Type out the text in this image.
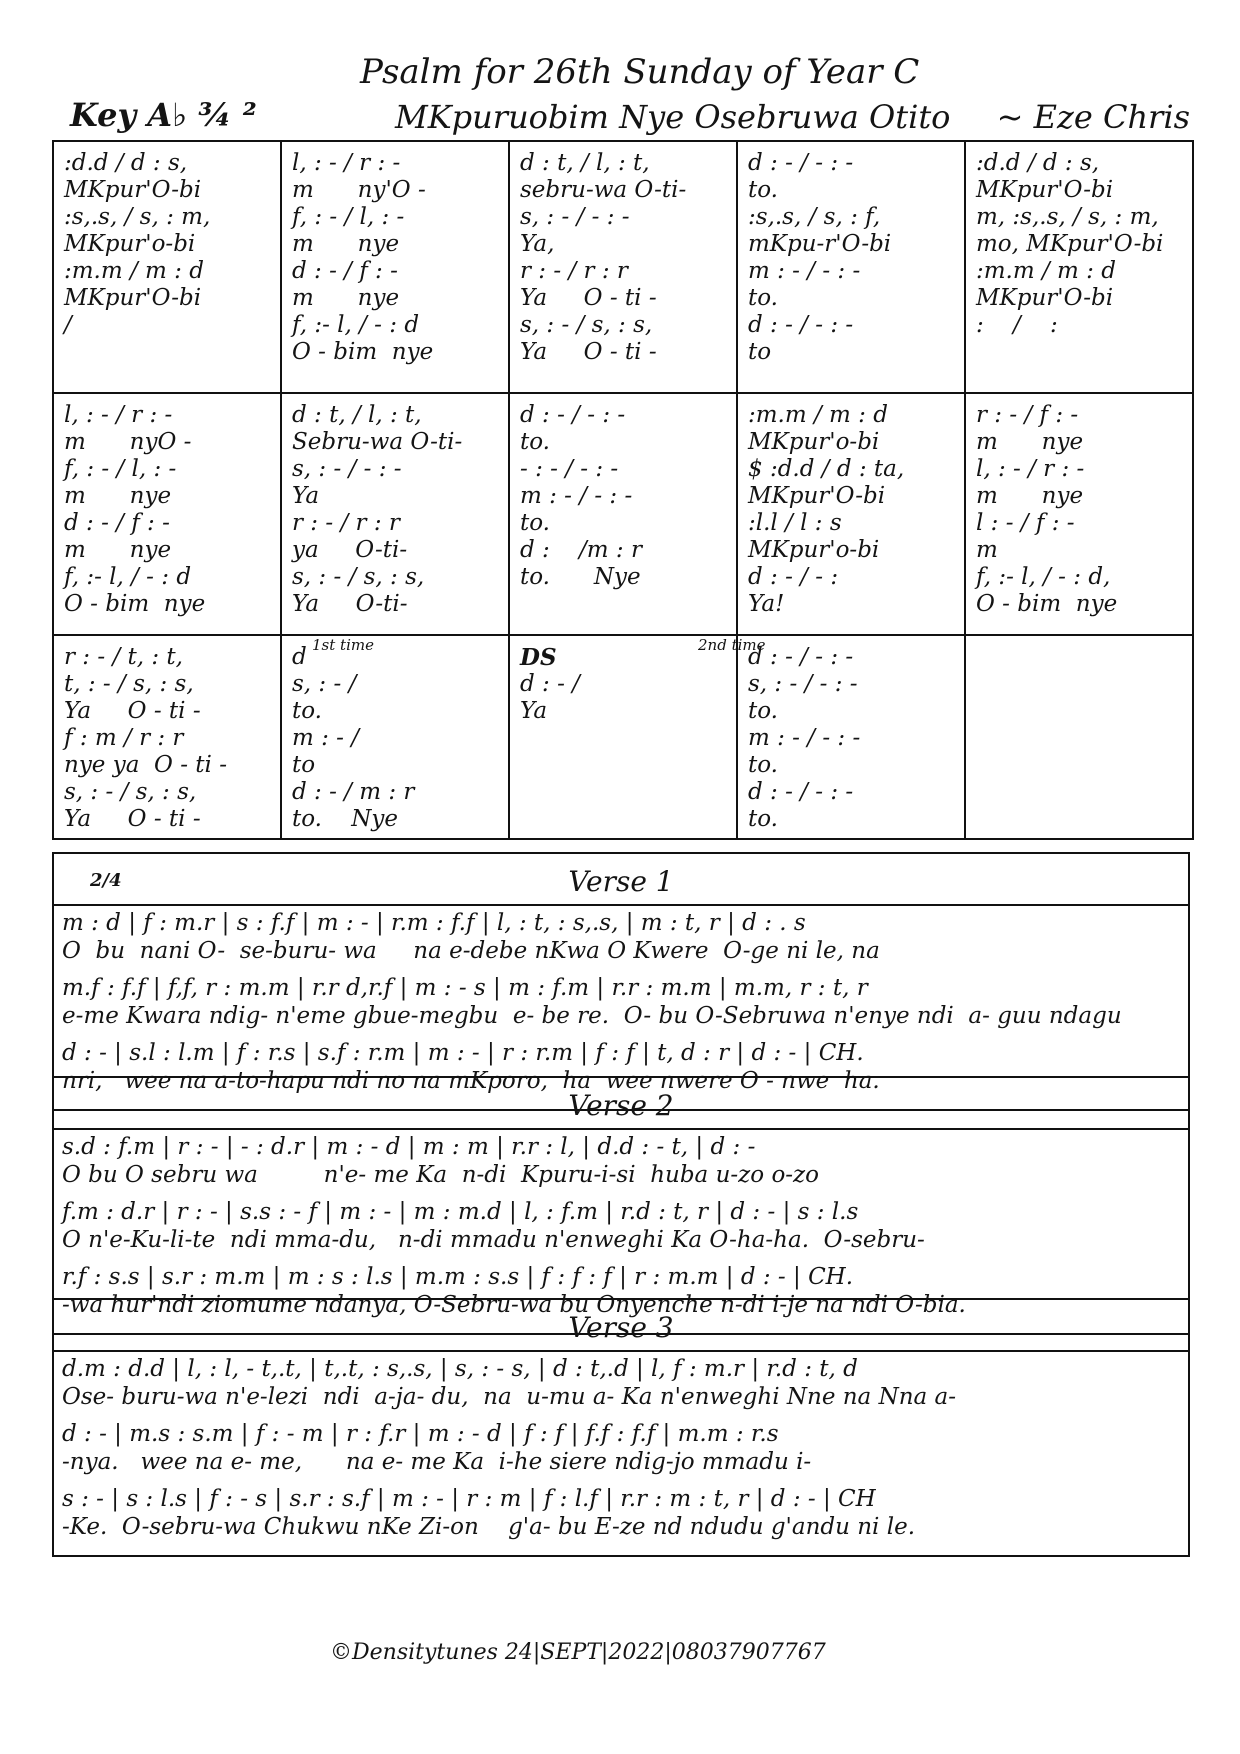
Psalm for 26th Sunday of Year C
Key A♭ ¾ ²	MKpuruobim Nye Osebruwa Otito ~ Eze Chris
:d.d / d : s,
MKpur'O-bi
:s,.s, / s, : m,
MKpur'o-bi
:m.m / m : d
MKpur'O-bi
/
l, : - / r : -
m      ny'O -
f, : - / l, : -
m      nye
d : - / f : -
m      nye
f, :- l, / - : d
O - bim  nye
d : t, / l, : t,
sebru-wa O-ti-
s, : - / - : -
Ya,
r : - / r : r
Ya     O - ti -
s, : - / s, : s,
Ya     O - ti -
d : - / - : -
to.
:s,.s, / s, : f,
mKpu-r'O-bi
m : - / - : -
to.
d : - / - : -
to
:d.d / d : s,
MKpur'O-bi
m, :s,.s, / s, : m,
mo, MKpur'O-bi
:m.m / m : d
MKpur'O-bi
:    /    :
l, : - / r : -
m      nyO -
f, : - / l, : -
m      nye
d : - / f : -
m      nye
f, :- l, / - : d
O - bim  nye
d : t, / l, : t,
Sebru-wa O-ti-
s, : - / - : -
Ya
r : - / r : r
ya     O-ti-
s, : - / s, : s,
Ya     O-ti-
d : - / - : -
to.
- : - / - : -
m : - / - : -
to.
d :    /m : r
to.      Nye
:m.m / m : d
MKpur'o-bi
$ :d.d / d : ta,
MKpur'O-bi
:l.l / l : s
MKpur'o-bi
d : - / - :
Ya!
r : - / f : -
m      nye
l, : - / r : -
m      nye
l : - / f : -
m
f, :- l, / - : d,
O - bim  nye
r : - / t, : t,
t, : - / s, : s,
Ya     O - ti -
f : m / r : r
nye ya  O - ti -
s, : - / s, : s,
Ya     O - ti -
1st time
d
s, : - /
to.
m : - /
to
d : - / m : r
to.    Nye
DS
d : - /
Ya
2nd time
d : - / - : -
s, : - / - : -
to.
m : - / - : -
to.
d : - / - : -
to.
2/4	Verse 1
m : d | f : m.r | s : f.f | m : - | r.m : f.f | l, : t, : s,.s, | m : t, r | d : . s
O  bu  nani O-  se-buru- wa     na e-debe nKwa O Kwere  O-ge ni le, na
m.f : f.f | f,f, r : m.m | r.r d,r.f | m : - s | m : f.m | r.r : m.m | m.m, r : t, r
e-me Kwara ndig- n'eme gbue-megbu  e- be re.  O- bu O-Sebruwa n'enye ndi  a- guu ndagu
d : - | s.l : l.m | f : r.s | s.f : r.m | m : - | r : r.m | f : f | t, d : r | d : - | CH.
nri,   wee na a-to-hapu ndi no na mKporo,  ha  wee nwere O - nwe  ha.
Verse 2
s.d : f.m | r : - | - : d.r | m : - d | m : m | r.r : l, | d.d : - t, | d : -
O bu O sebru wa         n'e- me Ka  n-di  Kpuru-i-si  huba u-zo o-zo
f.m : d.r | r : - | s.s : - f | m : - | m : m.d | l, : f.m | r.d : t, r | d : - | s : l.s
O n'e-Ku-li-te  ndi mma-du,   n-di mmadu n'enweghi Ka O-ha-ha.  O-sebru-
r.f : s.s | s.r : m.m | m : s : l.s | m.m : s.s | f : f : f | r : m.m | d : - | CH.
-wa hur'ndi ziomume ndanya, O-Sebru-wa bu Onyenche n-di i-je na ndi O-bia.
Verse 3
d.m : d.d | l, : l, - t,.t, | t,.t, : s,.s, | s, : - s, | d : t,.d | l, f : m.r | r.d : t, d
Ose- buru-wa n'e-lezi  ndi  a-ja- du,  na  u-mu a- Ka n'enweghi Nne na Nna a-
d : - | m.s : s.m | f : - m | r : f.r | m : - d | f : f | f.f : f.f | m.m : r.s
-nya.   wee na e- me,      na e- me Ka  i-he siere ndig-jo mmadu i-
s : - | s : l.s | f : - s | s.r : s.f | m : - | r : m | f : l.f | r.r : m : t, r | d : - | CH
-Ke.  O-sebru-wa Chukwu nKe Zi-on    g'a- bu E-ze nd ndudu g'andu ni le.
©Densitytunes 24|SEPT|2022|08037907767
